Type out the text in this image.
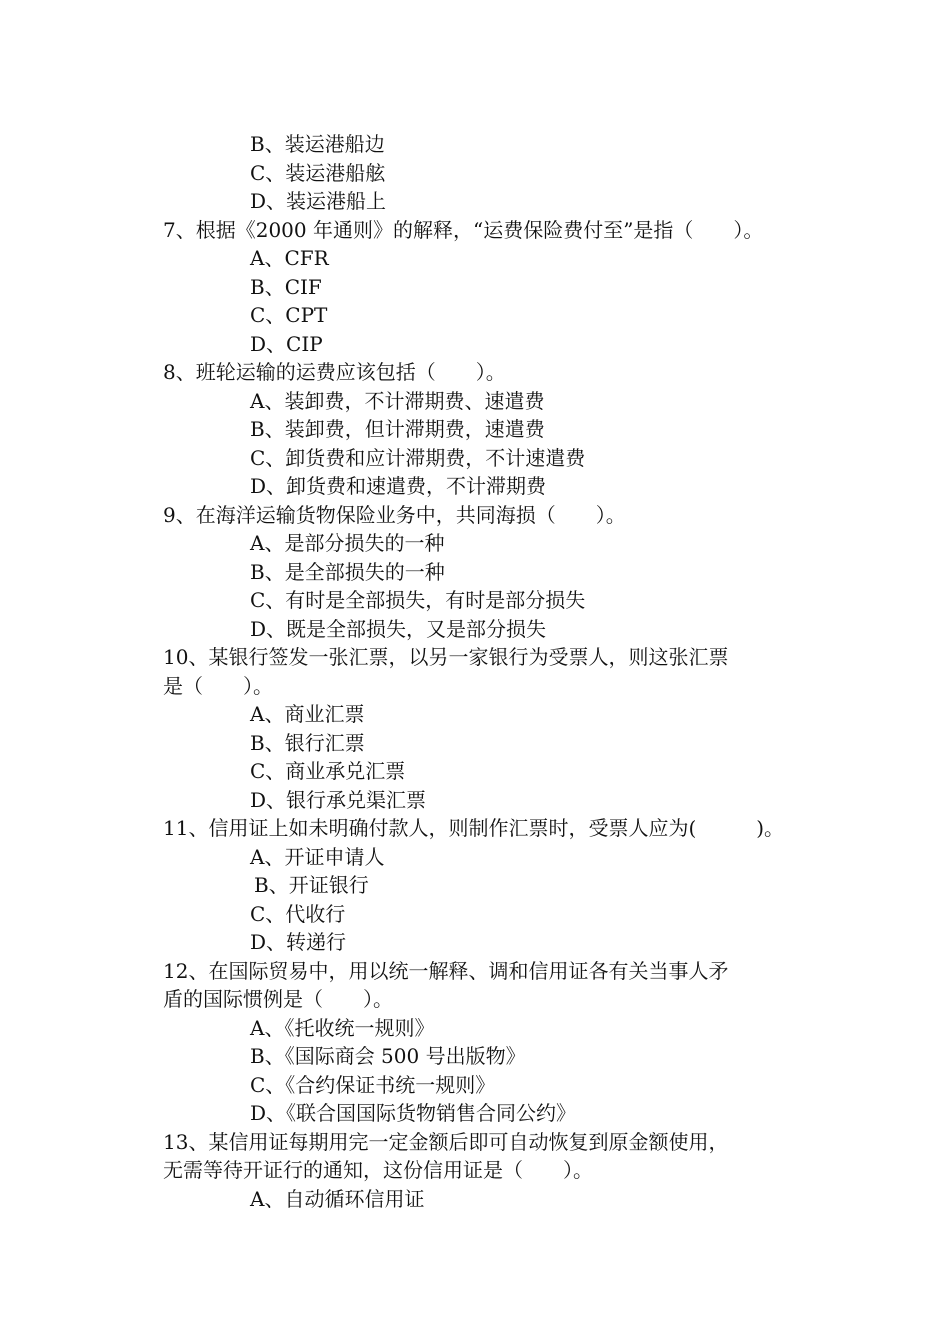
B、装运港船边
C、装运港船舷
D、装运港船上
7、根据《2000 年通则》的解释，“运费保险费付至”是指（　　）。
A、CFR
B、CIF
C、CPT
D、CIP
8、班轮运输的运费应该包括（　　）。
A、装卸费，不计滞期费、速遣费
B、装卸费，但计滞期费，速遣费
C、卸货费和应计滞期费，不计速遣费
D、卸货费和速遣费，不计滞期费
9、在海洋运输货物保险业务中，共同海损（　　）。
A、是部分损失的一种
B、是全部损失的一种
C、有时是全部损失，有时是部分损失
D、既是全部损失，又是部分损失
10、某银行签发一张汇票，以另一家银行为受票人，则这张汇票
是（　　）。
A、商业汇票
B、银行汇票
C、商业承兑汇票
D、银行承兑渠汇票
11、信用证上如未明确付款人，则制作汇票时，受票人应为(　　　)。
A、开证申请人
B、开证银行
C、代收行
D、转递行
12、在国际贸易中，用以统一解释、调和信用证各有关当事人矛
盾的国际惯例是（　　）。
A、《托收统一规则》
B、《国际商会 500 号出版物》
C、《合约保证书统一规则》
D、《联合国国际货物销售合同公约》
13、某信用证每期用完一定金额后即可自动恢复到原金额使用，
无需等待开证行的通知，这份信用证是（　　）。
A、自动循环信用证
